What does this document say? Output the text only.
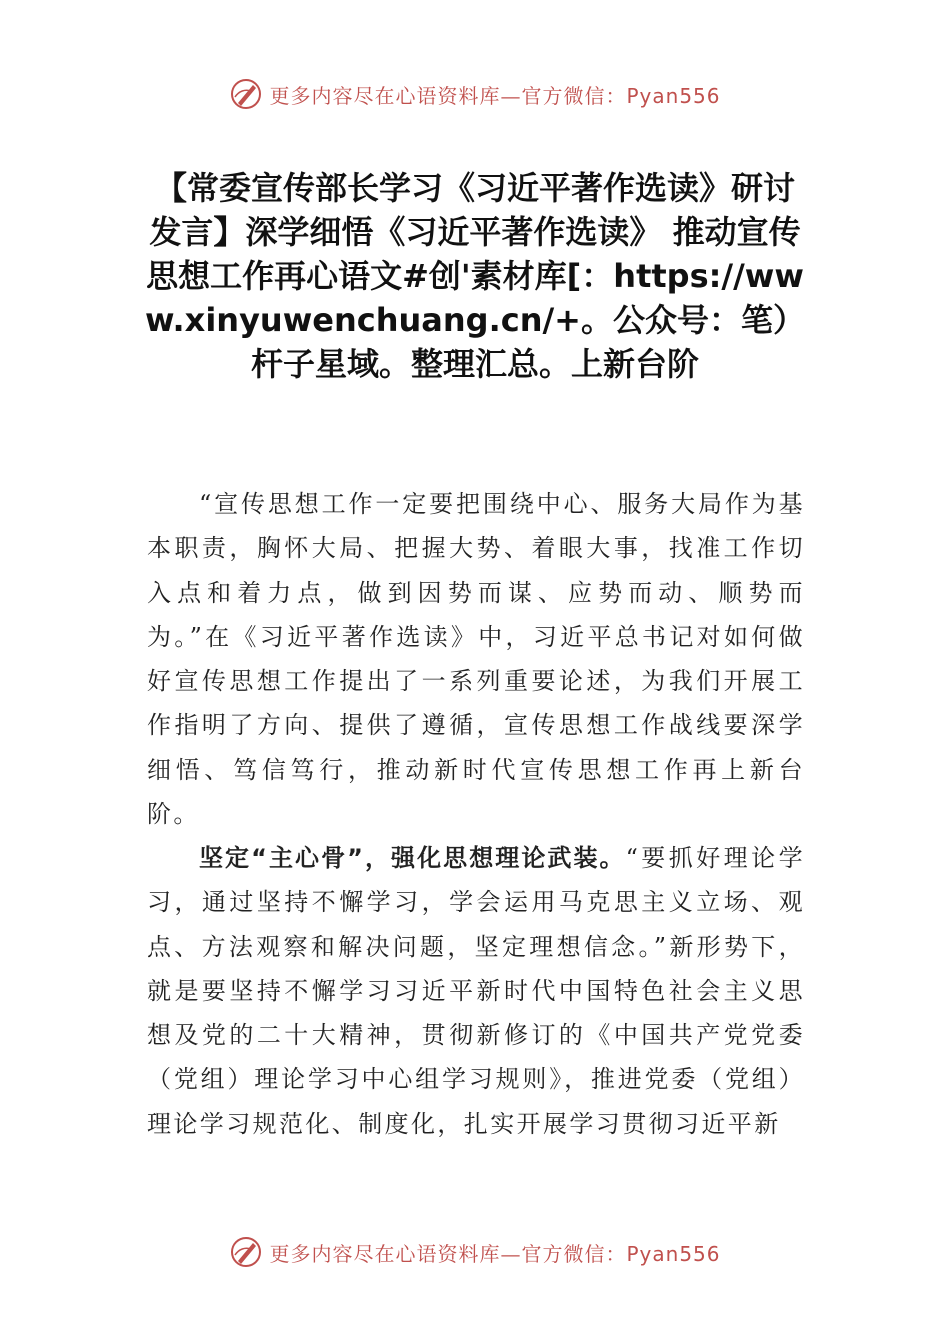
更多内容尽在心语资料库—官方微信：Pyan556
【常委宣传部长学习《习近平著作选读》研讨发言】深学细悟《习近平著作选读》 推动宣传思想工作再心语文#创'素材库[：https://www.xinyuwenchuang.cn/+。公众号：笔）杆子星域。整理汇总。上新台阶

“宣传思想工作一定要把围绕中心、服务大局作为基本职责，胸怀大局、把握大势、着眼大事，找准工作切入点和着力点，做到因势而谋、应势而动、顺势而为。”在《习近平著作选读》中，习近平总书记对如何做好宣传思想工作提出了一系列重要论述，为我们开展工作指明了方向、提供了遵循，宣传思想工作战线要深学细悟、笃信笃行，推动新时代宣传思想工作再上新台阶。

坚定“主心骨”，强化思想理论武装。“要抓好理论学习，通过坚持不懈学习，学会运用马克思主义立场、观点、方法观察和解决问题，坚定理想信念。”新形势下，就是要坚持不懈学习习近平新时代中国特色社会主义思想及党的二十大精神，贯彻新修订的《中国共产党党委（党组）理论学习中心组学习规则》，推进党委（党组）理论学习规范化、制度化，扎实开展学习贯彻习近平新

更多内容尽在心语资料库—官方微信：Pyan556
